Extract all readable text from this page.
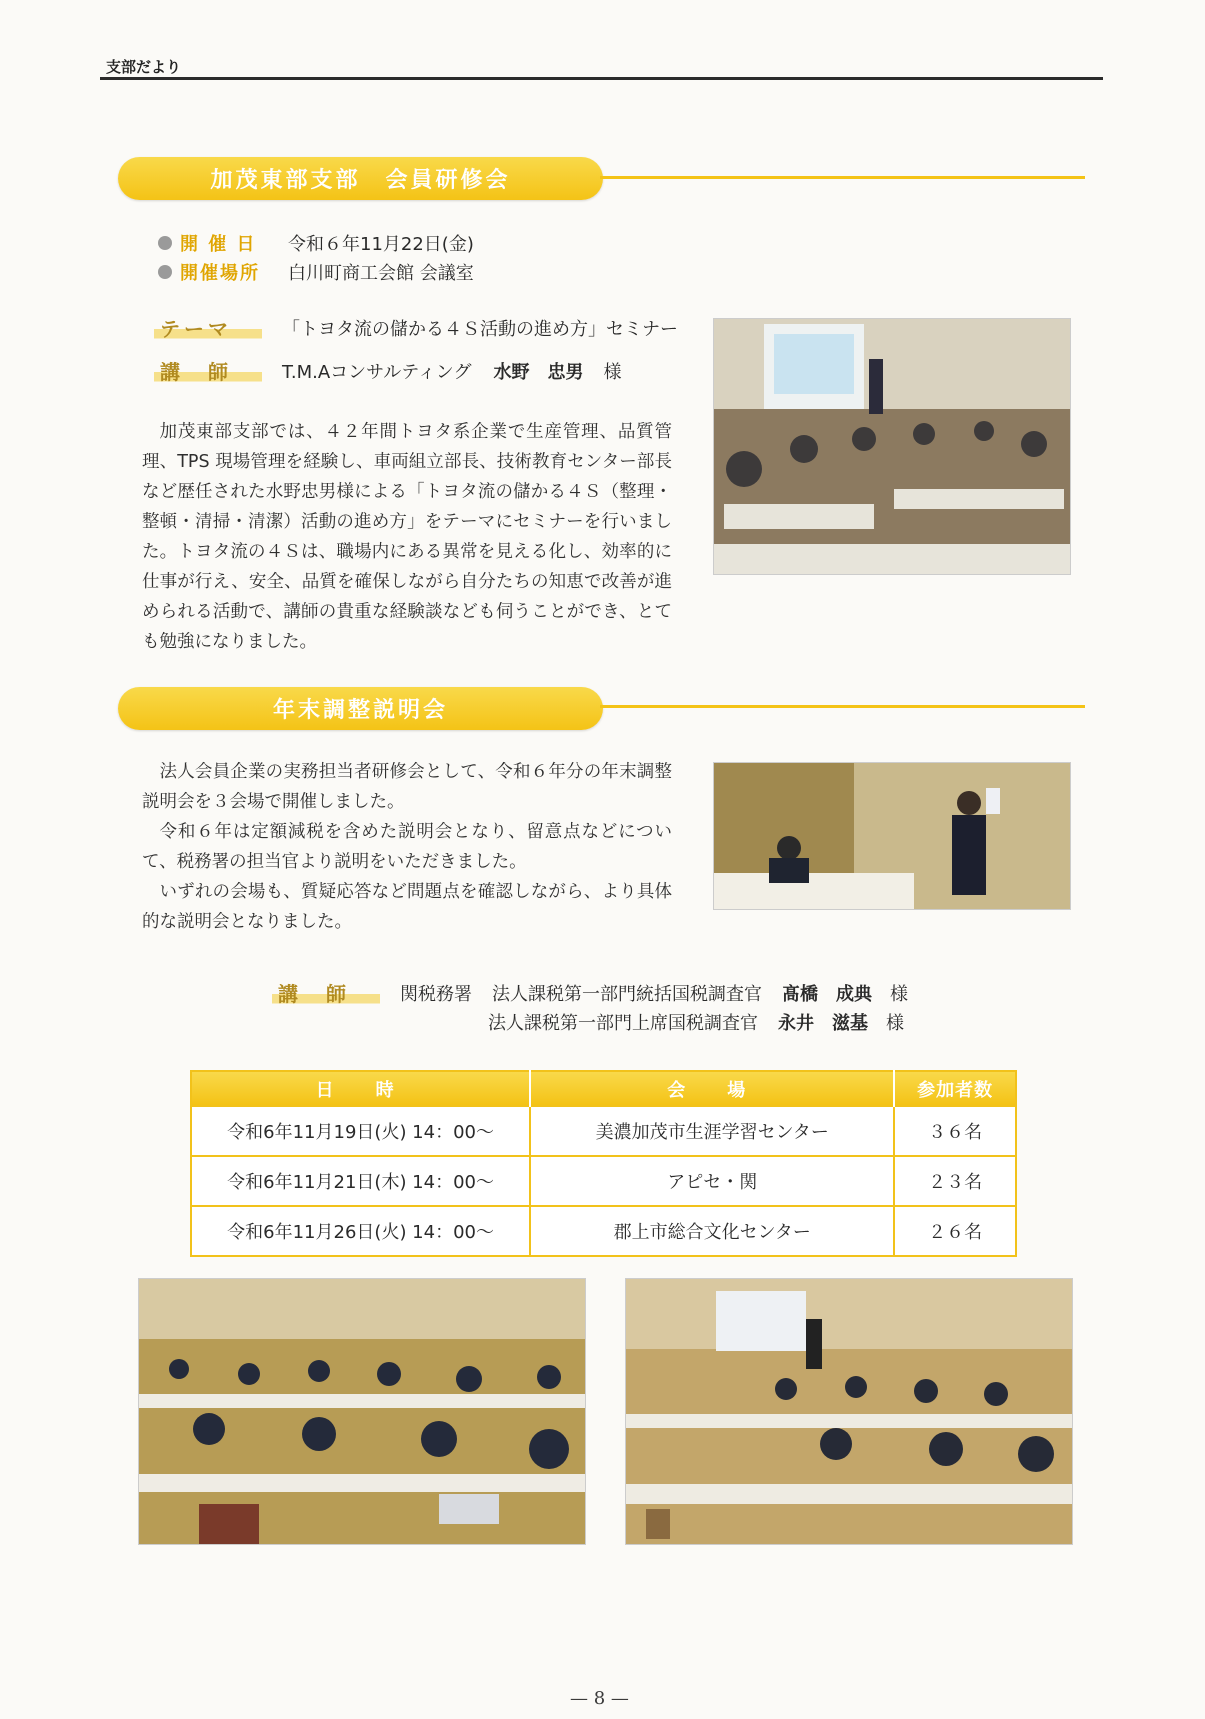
支部だより
加茂東部支部　会員研修会
開 催 日	令和６年11月22日(金)
開催場所	白川町商工会館 会議室
テーマ	「トヨタ流の儲かる４Ｓ活動の進め方」セミナー
講　師	T.M.Aコンサルティング 水野　忠男 様

加茂東部支部では、４２年間トヨタ系企業で生産管理、品質管理、TPS 現場管理を経験し、車両組立部長、技術教育センター部長など歴任された水野忠男様による「トヨタ流の儲かる４Ｓ（整理・整頓・清掃・清潔）活動の進め方」をテーマにセミナーを行いました。トヨタ流の４Ｓは、職場内にある異常を見える化し、効率的に仕事が行え、安全、品質を確保しながら自分たちの知恵で改善が進められる活動で、講師の貴重な経験談なども伺うことができ、とても勉強になりました。

年末調整説明会

法人会員企業の実務担当者研修会として、令和６年分の年末調整説明会を３会場で開催しました。

令和６年は定額減税を含めた説明会となり、留意点などについて、税務署の担当官より説明をいただきました。

いずれの会場も、質疑応答など問題点を確認しながら、より具体的な説明会となりました。

講　師	関税務署 法人課税第一部門統括国税調査官 髙橋　成典 様
法人課税第一部門上席国税調査官 永井　滋基 様
日　時	会　場	参加者数
令和6年11月19日(火) 14：00～	美濃加茂市生涯学習センター	３６名
令和6年11月21日(木) 14：00～	アピセ・関	２３名
令和6年11月26日(火) 14：00～	郡上市総合文化センター	２６名
— 8 —
